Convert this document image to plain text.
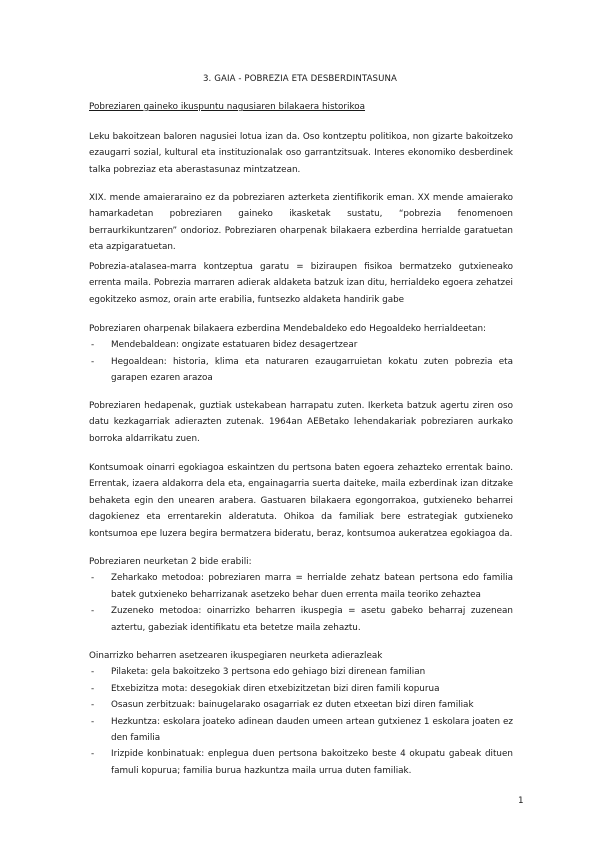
3. GAIA - POBREZIA ETA DESBERDINTASUNA
Pobreziaren gaineko ikuspuntu nagusiaren bilakaera historikoa

Leku bakoitzean baloren nagusiei lotua izan da. Oso kontzeptu politikoa, non gizarte bakoitzeko ezaugarri sozial, kultural eta instituzionalak oso garrantzitsuak. Interes ekonomiko desberdinek talka pobreziaz eta aberastasunaz mintzatzean.

XIX. mende amaieraraino ez da pobreziaren azterketa zientifikorik eman. XX mende amaierako hamarkadetan pobreziaren gaineko ikasketak sustatu, “pobrezia fenomenoen berraurkikuntzaren” ondorioz. Pobreziaren oharpenak bilakaera ezberdina herrialde garatuetan eta azpigaratuetan.

Pobrezia-atalasea-marra kontzeptua garatu = biziraupen fisikoa bermatzeko gutxieneako errenta maila. Pobrezia marraren adierak aldaketa batzuk izan ditu, herrialdeko egoera zehatzei egokitzeko asmoz, orain arte erabilia, funtsezko aldaketa handirik gabe

Pobreziaren oharpenak bilakaera ezberdina Mendebaldeko edo Hegoaldeko herrialdeetan:

- Mendebaldean: ongizate estatuaren bidez desagertzear
- Hegoaldean: historia, klima eta naturaren ezaugarruietan kokatu zuten pobrezia eta garapen ezaren arazoa

Pobreziaren hedapenak, guztiak ustekabean harrapatu zuten. Ikerketa batzuk agertu ziren oso datu kezkagarriak adierazten zutenak. 1964an AEBetako lehendakariak pobreziaren aurkako borroka aldarrikatu zuen.

Kontsumoak oinarri egokiagoa eskaintzen du pertsona baten egoera zehazteko errentak baino. Errentak, izaera aldakorra dela eta, engainagarria suerta daiteke, maila ezberdinak izan ditzake behaketa egin den unearen arabera. Gastuaren bilakaera egongorrakoa, gutxieneko beharrei dagokienez eta errentarekin alderatuta. Ohikoa da familiak bere estrategiak gutxieneko kontsumoa epe luzera begira bermatzera bideratu, beraz, kontsumoa aukeratzea egokiagoa da.

Pobreziaren neurketan 2 bide erabili:

- Zeharkako metodoa: pobreziaren marra = herrialde zehatz batean pertsona edo familia batek gutxieneko beharrizanak asetzeko behar duen errenta maila teoriko zehaztea
- Zuzeneko metodoa: oinarrizko beharren ikuspegia = asetu gabeko beharraj zuzenean aztertu, gabeziak identifikatu eta betetze maila zehaztu.

Oinarrizko beharren asetzearen ikuspegiaren neurketa adierazleak

- Pilaketa: gela bakoitzeko 3 pertsona edo gehiago bizi direnean familian
- Etxebizitza mota: desegokiak diren etxebizitzetan bizi diren famili kopurua
- Osasun zerbitzuak: bainugelarako osagarriak ez duten etxeetan bizi diren familiak
- Hezkuntza: eskolara joateko adinean dauden umeen artean gutxienez 1 eskolara joaten ez den familia
- Irizpide konbinatuak: enplegua duen pertsona bakoitzeko beste 4 okupatu gabeak dituen famuli kopurua; familia burua hazkuntza maila urrua duten familiak.
1
